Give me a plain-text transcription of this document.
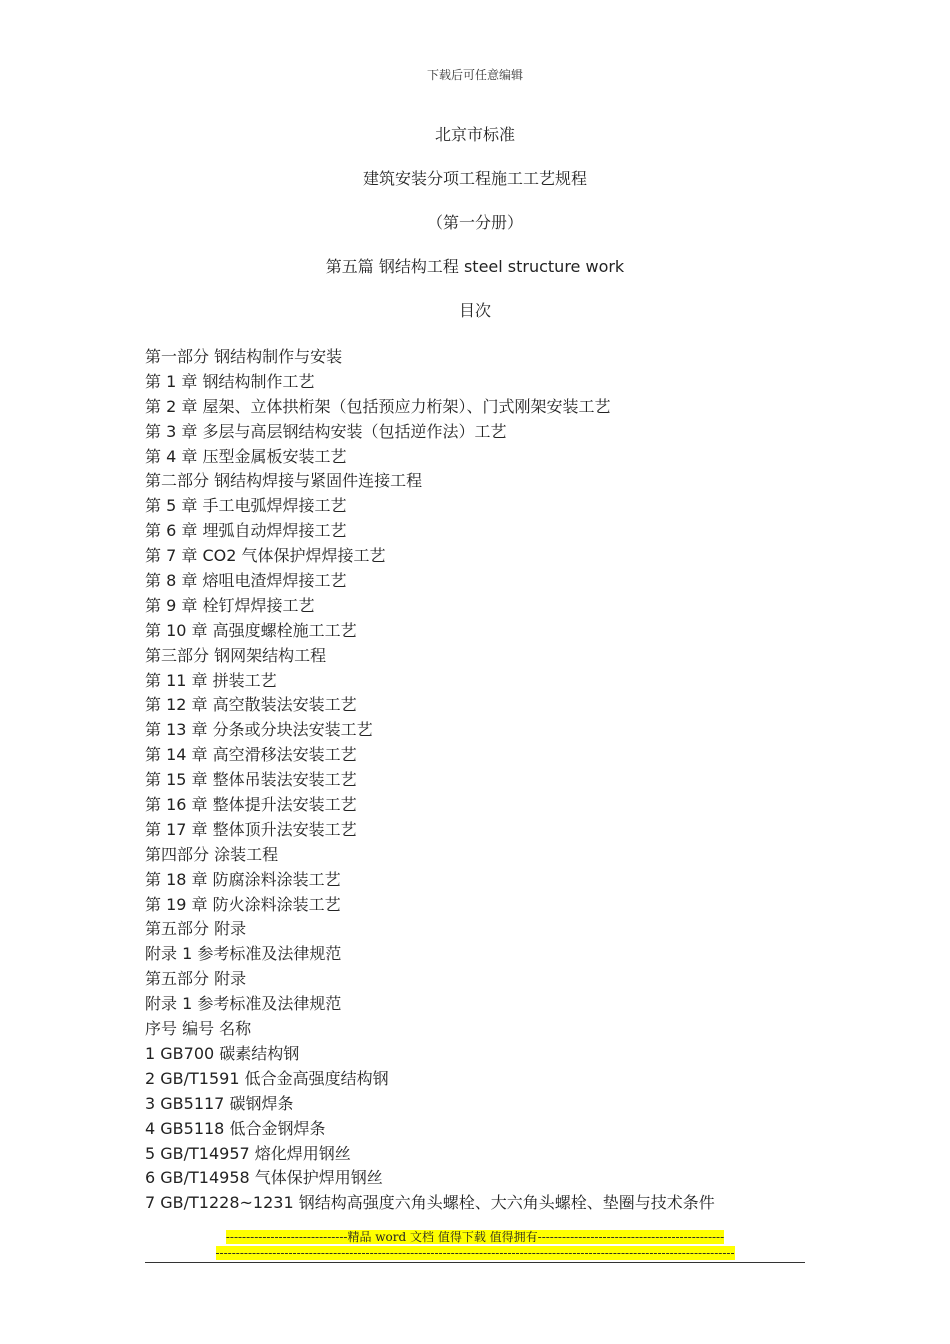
下载后可任意编辑
北京市标准
建筑安装分项工程施工工艺规程
（第一分册）
第五篇 钢结构工程 steel structure work
目次
第一部分 钢结构制作与安装
第 1 章 钢结构制作工艺
第 2 章 屋架、立体拱桁架（包括预应力桁架）、门式刚架安装工艺
第 3 章 多层与高层钢结构安装（包括逆作法）工艺
第 4 章 压型金属板安装工艺
第二部分 钢结构焊接与紧固件连接工程
第 5 章 手工电弧焊焊接工艺
第 6 章 埋弧自动焊焊接工艺
第 7 章 CO2 气体保护焊焊接工艺
第 8 章 熔咀电渣焊焊接工艺
第 9 章 栓钉焊焊接工艺
第 10 章 高强度螺栓施工工艺
第三部分 钢网架结构工程
第 11 章 拼装工艺
第 12 章 高空散装法安装工艺
第 13 章 分条或分块法安装工艺
第 14 章 高空滑移法安装工艺
第 15 章 整体吊装法安装工艺
第 16 章 整体提升法安装工艺
第 17 章 整体顶升法安装工艺
第四部分 涂装工程
第 18 章 防腐涂料涂装工艺
第 19 章 防火涂料涂装工艺
第五部分 附录
附录 1 参考标准及法律规范
第五部分 附录
附录 1 参考标准及法律规范
序号 编号 名称
1 GB700 碳素结构钢
2 GB/T1591 低合金高强度结构钢
3 GB5117 碳钢焊条
4 GB5118 低合金钢焊条
5 GB/T14957 熔化焊用钢丝
6 GB/T14958 气体保护焊用钢丝
7 GB/T1228~1231 钢结构高强度六角头螺栓、大六角头螺栓、垫圈与技术条件
------------------------------精品 word 文档 值得下载 值得拥有----------------------------------------------
--------------------------------------------------------------------------------------------------------------------------------
